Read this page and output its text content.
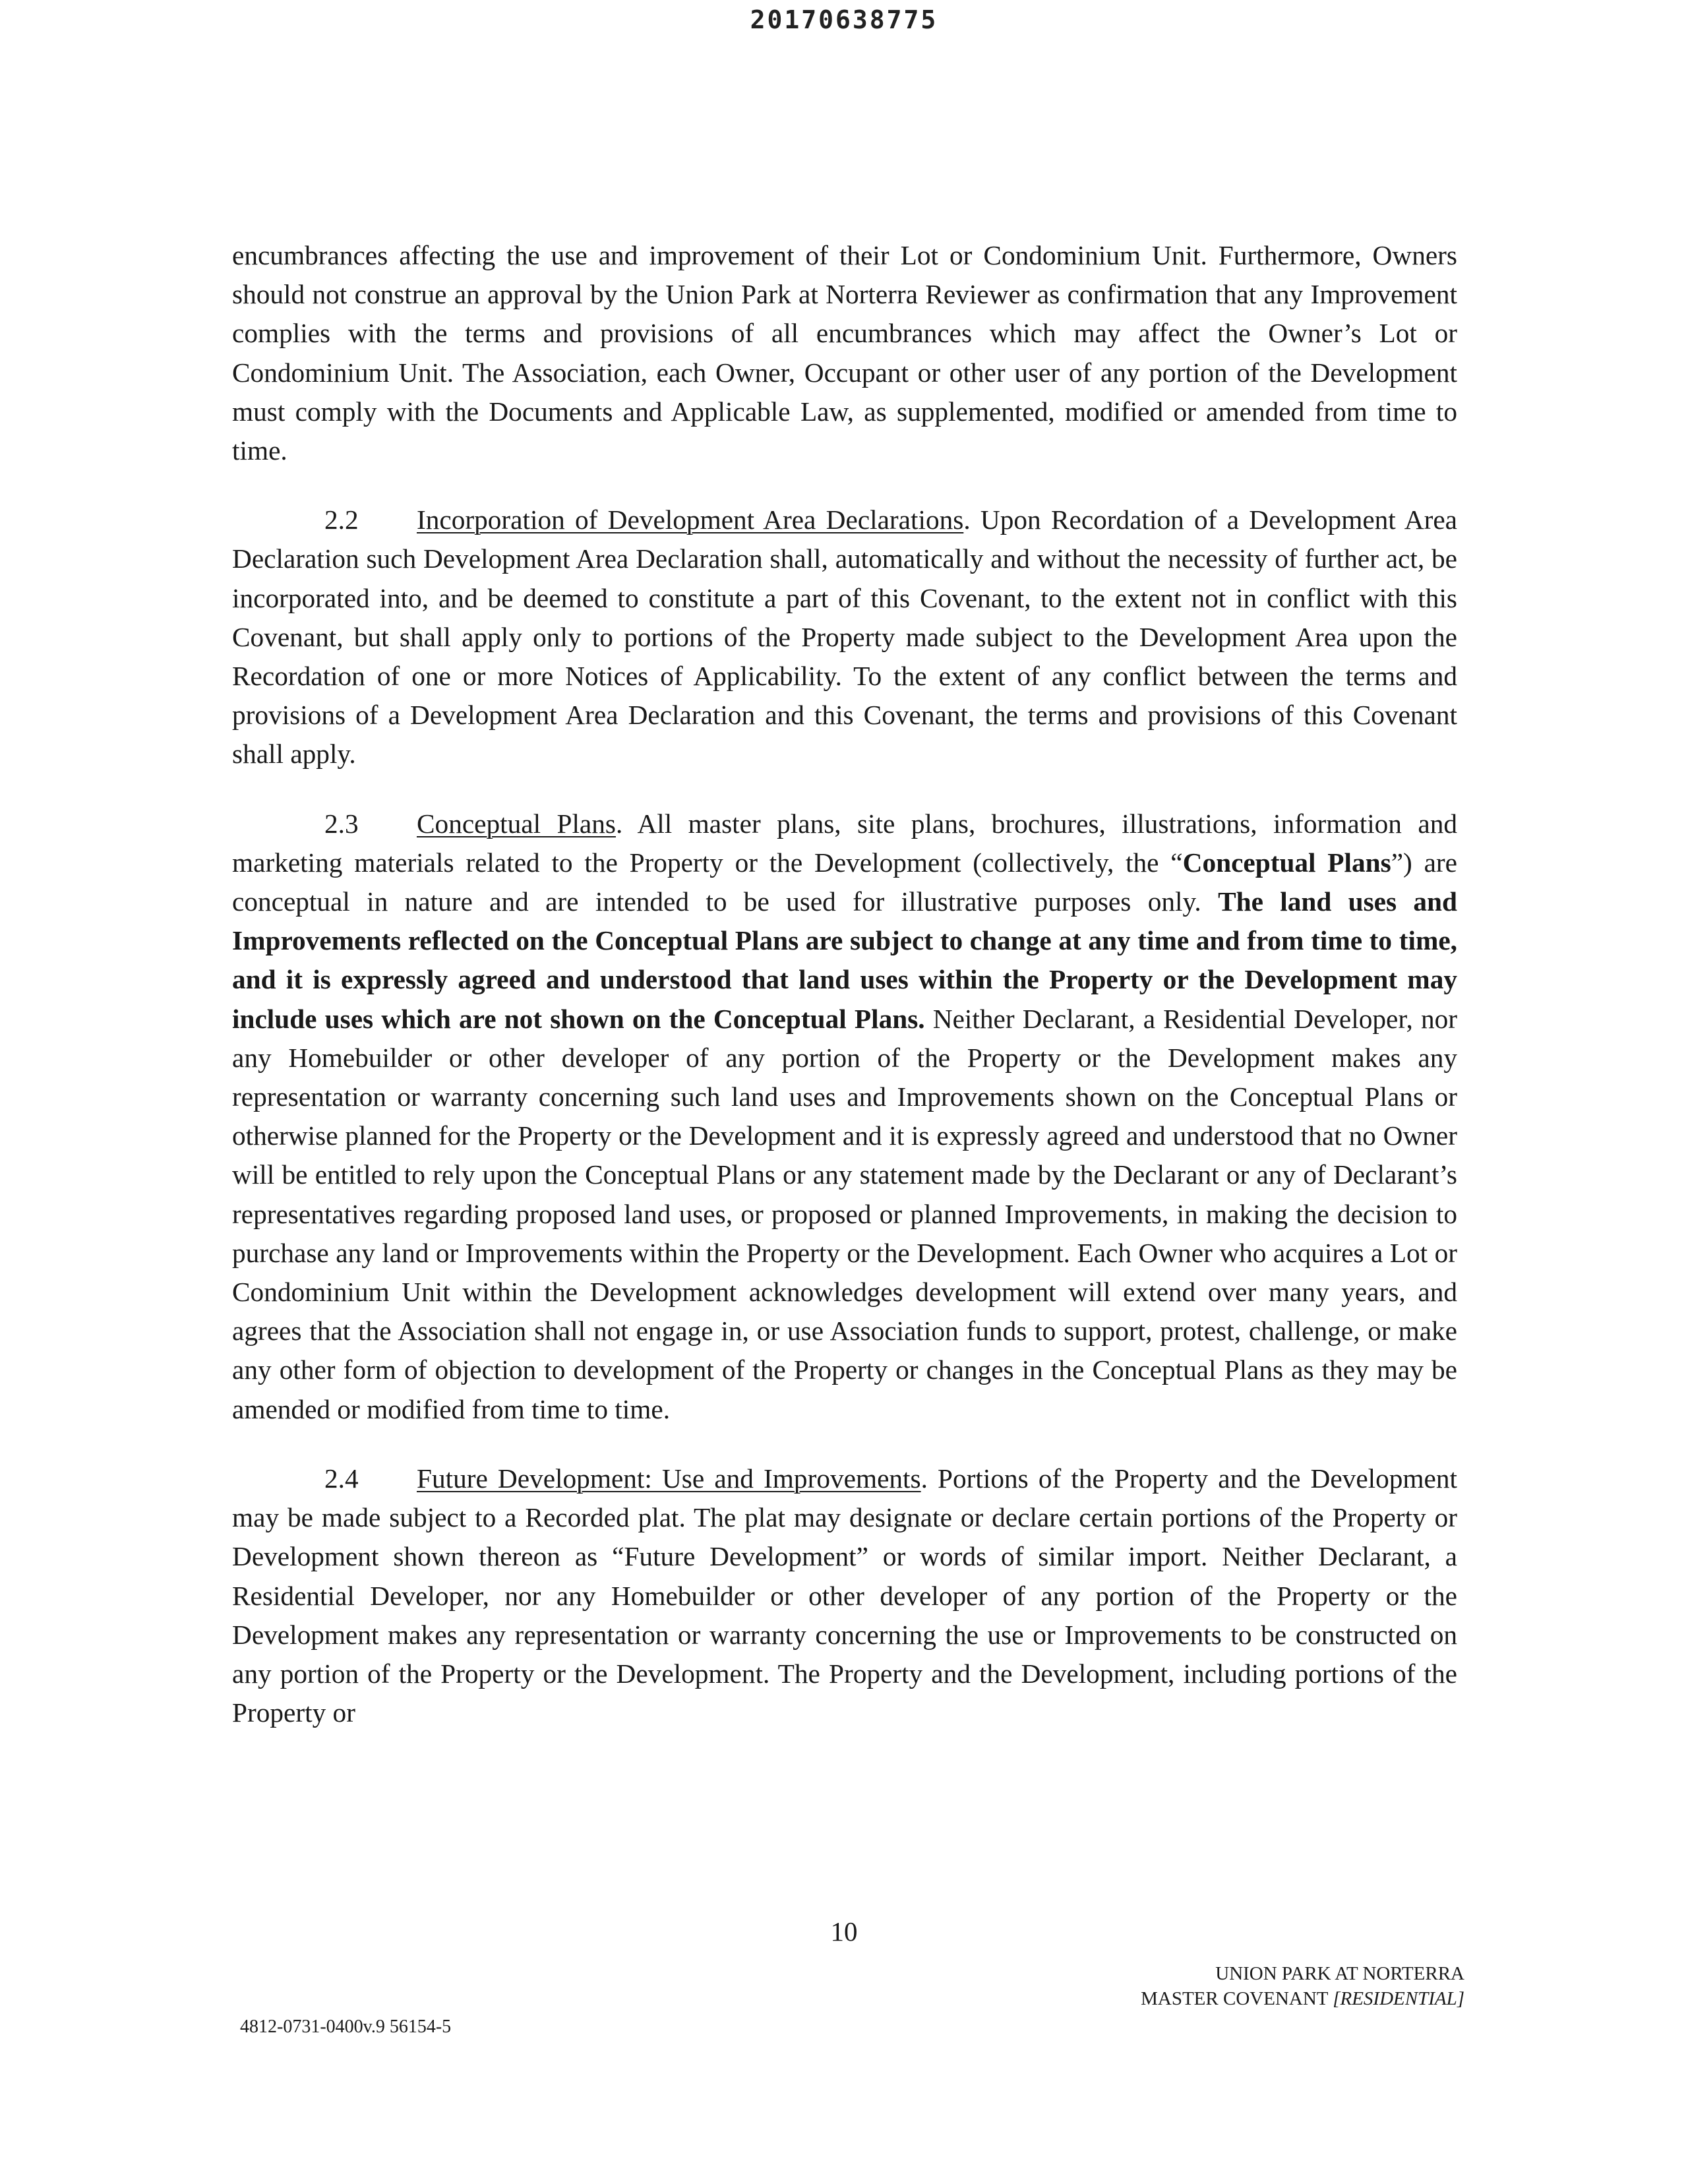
20170638775

encumbrances affecting the use and improvement of their Lot or Condominium Unit. Furthermore, Owners should not construe an approval by the Union Park at Norterra Reviewer as confirmation that any Improvement complies with the terms and provisions of all encumbrances which may affect the Owner’s Lot or Condominium Unit. The Association, each Owner, Occupant or other user of any portion of the Development must comply with the Documents and Applicable Law, as supplemented, modified or amended from time to time.

2.2 Incorporation of Development Area Declarations. Upon Recordation of a Development Area Declaration such Development Area Declaration shall, automatically and without the necessity of further act, be incorporated into, and be deemed to constitute a part of this Covenant, to the extent not in conflict with this Covenant, but shall apply only to portions of the Property made subject to the Development Area upon the Recordation of one or more Notices of Applicability. To the extent of any conflict between the terms and provisions of a Development Area Declaration and this Covenant, the terms and provisions of this Covenant shall apply.

2.3 Conceptual Plans. All master plans, site plans, brochures, illustrations, information and marketing materials related to the Property or the Development (collectively, the “Conceptual Plans”) are conceptual in nature and are intended to be used for illustrative purposes only. The land uses and Improvements reflected on the Conceptual Plans are subject to change at any time and from time to time, and it is expressly agreed and understood that land uses within the Property or the Development may include uses which are not shown on the Conceptual Plans. Neither Declarant, a Residential Developer, nor any Homebuilder or other developer of any portion of the Property or the Development makes any representation or warranty concerning such land uses and Improvements shown on the Conceptual Plans or otherwise planned for the Property or the Development and it is expressly agreed and understood that no Owner will be entitled to rely upon the Conceptual Plans or any statement made by the Declarant or any of Declarant’s representatives regarding proposed land uses, or proposed or planned Improvements, in making the decision to purchase any land or Improvements within the Property or the Development. Each Owner who acquires a Lot or Condominium Unit within the Development acknowledges development will extend over many years, and agrees that the Association shall not engage in, or use Association funds to support, protest, challenge, or make any other form of objection to development of the Property or changes in the Conceptual Plans as they may be amended or modified from time to time.

2.4 Future Development: Use and Improvements. Portions of the Property and the Development may be made subject to a Recorded plat. The plat may designate or declare certain portions of the Property or Development shown thereon as “Future Development” or words of similar import. Neither Declarant, a Residential Developer, nor any Homebuilder or other developer of any portion of the Property or the Development makes any representation or warranty concerning the use or Improvements to be constructed on any portion of the Property or the Development. The Property and the Development, including portions of the Property or

10
UNION PARK AT NORTERRA
MASTER COVENANT [RESIDENTIAL]
4812-0731-0400v.9 56154-5
